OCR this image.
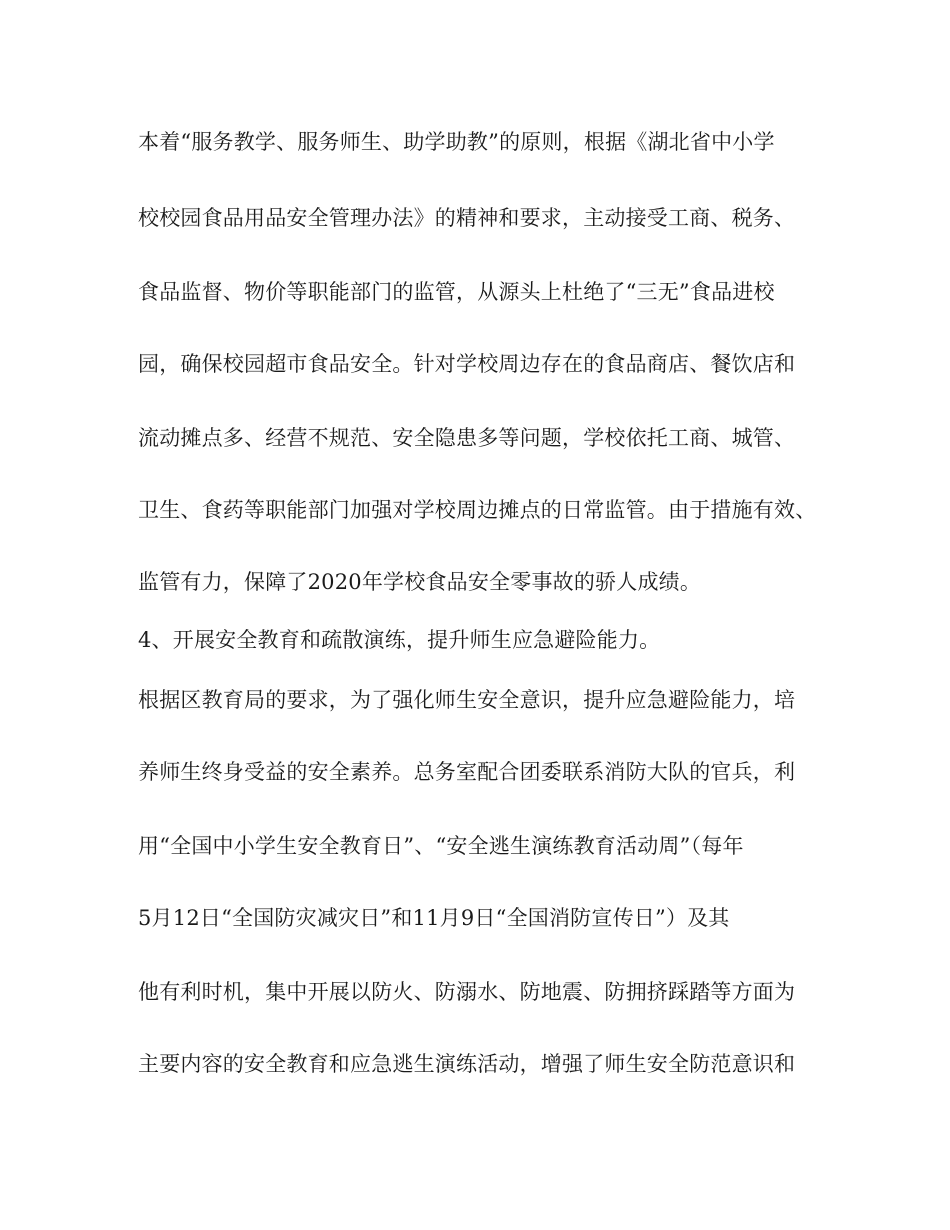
本着“服务教学、服务师生、助学助教”的原则，根据《湖北省中小学
校校园食品用品安全管理办法》的精神和要求，主动接受工商、税务、
食品监督、物价等职能部门的监管，从源头上杜绝了“三无”食品进校
园，确保校园超市食品安全。针对学校周边存在的食品商店、餐饮店和
流动摊点多、经营不规范、安全隐患多等问题，学校依托工商、城管、
卫生、食药等职能部门加强对学校周边摊点的日常监管。由于措施有效、
监管有力，保障了2020年学校食品安全零事故的骄人成绩。
4、开展安全教育和疏散演练，提升师生应急避险能力。
根据区教育局的要求，为了强化师生安全意识，提升应急避险能力，培
养师生终身受益的安全素养。总务室配合团委联系消防大队的官兵，利
用“全国中小学生安全教育日”、“安全逃生演练教育活动周”（每年
5月12日“全国防灾减灾日”和11月9日“全国消防宣传日”）及其
他有利时机，集中开展以防火、防溺水、防地震、防拥挤踩踏等方面为
主要内容的安全教育和应急逃生演练活动，增强了师生安全防范意识和
